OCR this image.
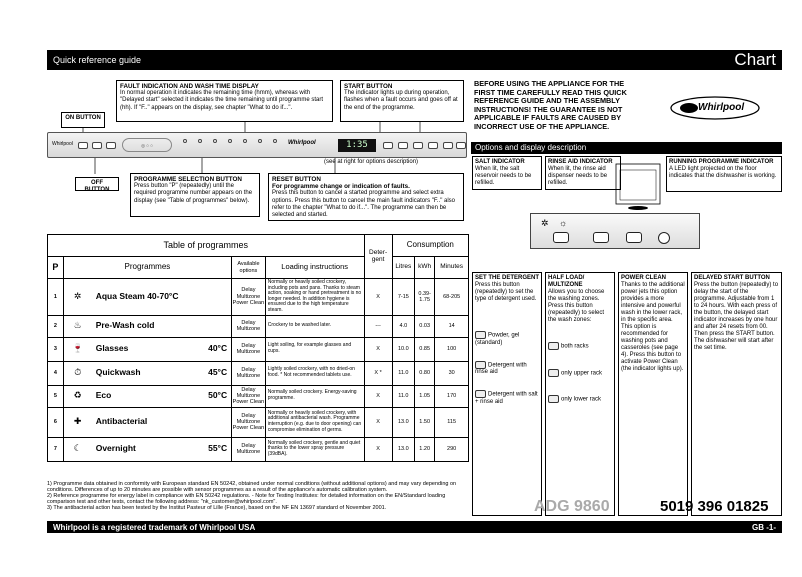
Quick reference guide	Chart
FAULT INDICATION AND WASH TIME DISPLAY
In normal operation it indicates the remaining time (hmm), whereas with "Delayed start" selected it indicates the time remaining until programme start (hh). If "F.." appears on the display, see chapter "What to do if...".
START BUTTON
The indicator lights up during operation, flashes when a fault occurs and goes off at the end of the programme.
ON BUTTON
Whirlpool	◎ ○ ○	Whirlpool	1:35
(see at right for options description)
OFF BUTTON
PROGRAMME SELECTION BUTTON
Press button "P" (repeatedly) until the required programme number appears on the display (see "Table of programmes" below).
RESET BUTTON
For programme change or indication of faults.
Press this button to cancel a started programme and select extra options. Press this button to cancel the main fault indicators "F.." also refer to the chapter "What to do if...". The programme can then be selected and started.
BEFORE USING THE APPLIANCE FOR THE FIRST TIME CAREFULLY READ THIS QUICK REFERENCE GUIDE AND THE ASSEMBLY INSTRUCTIONS! THE GUARANTEE IS NOT APPLICABLE IF FAULTS ARE CAUSED BY INCORRECT USE OF THE APPLIANCE.
Whirlpool
Options and display description
SALT INDICATOR
When lit, the salt reservoir needs to be refilled.
RINSE AID INDICATOR
When lit, the rinse aid dispenser needs to be refilled.
RUNNING PROGRAMME INDICATOR
A LED light projected on the floor indicates that the dishwasher is working.
✲ ☼
SET THE DETERGENT
Press this button (repeatedly) to set the type of detergent used.
Powder, gel (standard)
Detergent with rinse aid
Detergent with salt + rinse aid
HALF LOAD/ MULTIZONE
Allows you to choose the washing zones. Press this button (repeatedly) to select the wash zones:
both racks
only upper rack
only lower rack
POWER CLEAN
Thanks to the additional power jets this option provides a more intensive and powerful wash in the lower rack, in the specific area. This option is recommended for washing pots and casseroles (see page 4). Press this button to activate Power Clean (the indicator lights up).
DELAYED START BUTTON
Press the button (repeatedly) to delay the start of the programme. Adjustable from 1 to 24 hours. With each press of the button, the delayed start indicator increases by one hour and after 24 resets from 00. Then press the START button. The dishwasher will start after the set time.
Table of programmes				Deter-gent	Consumption		
P	Programmes	Available options	Loading instructions		Litres	kWh	Minutes
1	✲ Aqua Steam 40-70°C	Delay Multizone Power Clean	Normally or heavily soiled crockery, including pots and pans. Thanks to steam action, soaking or hand pretreatment is no longer needed. In addition hygiene is ensured due to the high temperature steam.	X	7-15	0.39-1.75	68-205
2	♨ Pre-Wash cold	Delay Multizone	Crockery to be washed later.	---	4.0	0.03	14
3	🍷 Glasses 40°C	Delay Multizone	Light soiling, for example glasses and cups.	X	10.0	0.85	100
4	⏱ Quickwash 45°C	Delay Multizone	Lightly soiled crockery, with no dried-on food. * Not recommended tablets use.	X *	11.0	0.80	30
5	♻ Eco 50°C	Delay Multizone Power Clean	Normally soiled crockery. Energy-saving programme.	X	11.0	1.05	170
6	✚ Antibacterial	Delay Multizone Power Clean	Normally or heavily soiled crockery, with additional antibacterial wash. Programme interruption (e.g. due to door opening) can compromise elimination of germs.	X	13.0	1.50	115
7	☾ Overnight 55°C	Delay Multizone	Normally soiled crockery, gentle and quiet thanks to the lower spray pressure (39dBA).	X	13.0	1.20	290
1) Programme data obtained in conformity with European standard EN 50242, obtained under normal conditions (without additional options) and may vary depending on conditions. Differences of up to 20 minutes are possible with sensor programmes as a result of the appliance's automatic calibration system.
2) Reference programme for energy label in compliance with EN 50242 regulations. - Note for Testing Institutes: for detailed information on the EN/Standard loading comparison test and other tests, contact the following address: "nk_customer@whirlpool.com".
3) The antibacterial action has been tested by the Institut Pasteur of Lille (France), based on the NF EN 13697 standard of November 2001.	ADG 9860	5019 396 01825
Whirlpool is a registered trademark of Whirlpool USA	GB -1-
